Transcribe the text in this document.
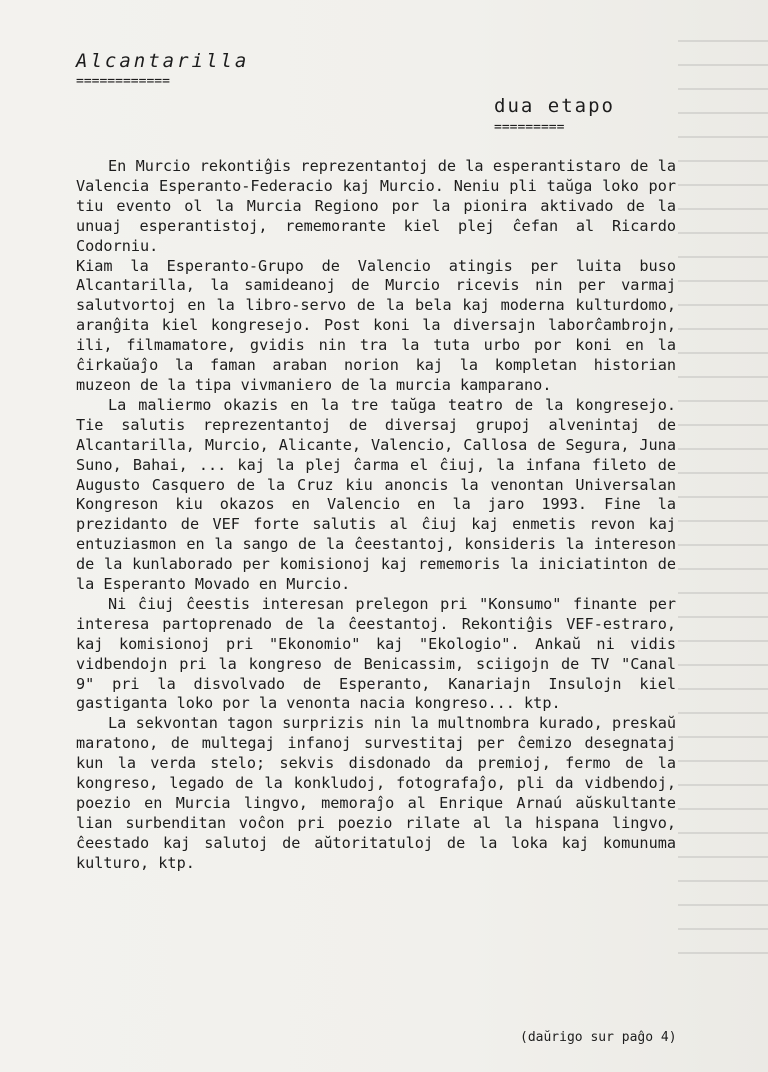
Alcantarilla
============
dua etapo
=========

En Murcio rekontiĝis reprezentantoj de la esperantistaro de la Valencia Esperanto-Federacio kaj Murcio. Neniu pli taŭga loko por tiu evento ol la Murcia Regiono por la pionira aktivado de la unuaj esperantistoj, rememorante kiel plej ĉefan al Ricardo Codorniu.

Kiam la Esperanto-Grupo de Valencio atingis per luita buso Alcantarilla, la samideanoj de Murcio ricevis nin per varmaj salutvortoj en la libro-servo de la bela kaj moderna kulturdomo, aranĝita kiel kongresejo. Post koni la diversajn laborĉambrojn, ili, filmamatore, gvidis nin tra la tuta urbo por koni en la ĉirkaŭaĵo la faman araban norion kaj la kompletan historian muzeon de la tipa vivmaniero de la murcia kamparano.

La maliermo okazis en la tre taŭga teatro de la kongresejo. Tie salutis reprezentantoj de diversaj grupoj alvenintaj de Alcantarilla, Murcio, Alicante, Valencio, Callosa de Segura, Juna Suno, Bahai, ... kaj la plej ĉarma el ĉiuj, la infana fileto de Augusto Casquero de la Cruz kiu anoncis la venontan Universalan Kongreson kiu okazos en Valencio en la jaro 1993. Fine la prezidanto de VEF forte salutis al ĉiuj kaj enmetis revon kaj entuziasmon en la sango de la ĉeestantoj, konsideris la intereson de la kunlaborado per komisionoj kaj rememoris la iniciatinton de la Esperanto Movado en Murcio.

Ni ĉiuj ĉeestis interesan prelegon pri "Konsumo" finante per interesa partoprenado de la ĉeestantoj. Rekontiĝis VEF-estraro, kaj komisionoj pri "Ekonomio" kaj "Ekologio". Ankaŭ ni vidis vidbendojn pri la kongreso de Benicassim, sciigojn de TV "Canal 9" pri la disvolvado de Esperanto, Kanariajn Insulojn kiel gastiganta loko por la venonta nacia kongreso... ktp.

La sekvontan tagon surprizis nin la multnombra kurado, preskaŭ maratono, de multegaj infanoj survestitaj per ĉemizo desegnataj kun la verda stelo; sekvis disdonado da premioj, fermo de la kongreso, legado de la konkludoj, fotografaĵo, pli da vidbendoj, poezio en Murcia lingvo, memoraĵo al Enrique Arnaú aŭskultante lian surbenditan voĉon pri poezio rilate al la hispana lingvo, ĉeestado kaj salutoj de aŭtoritatuloj de la loka kaj komunuma kulturo, ktp.

(daŭrigo sur paĝo 4)
